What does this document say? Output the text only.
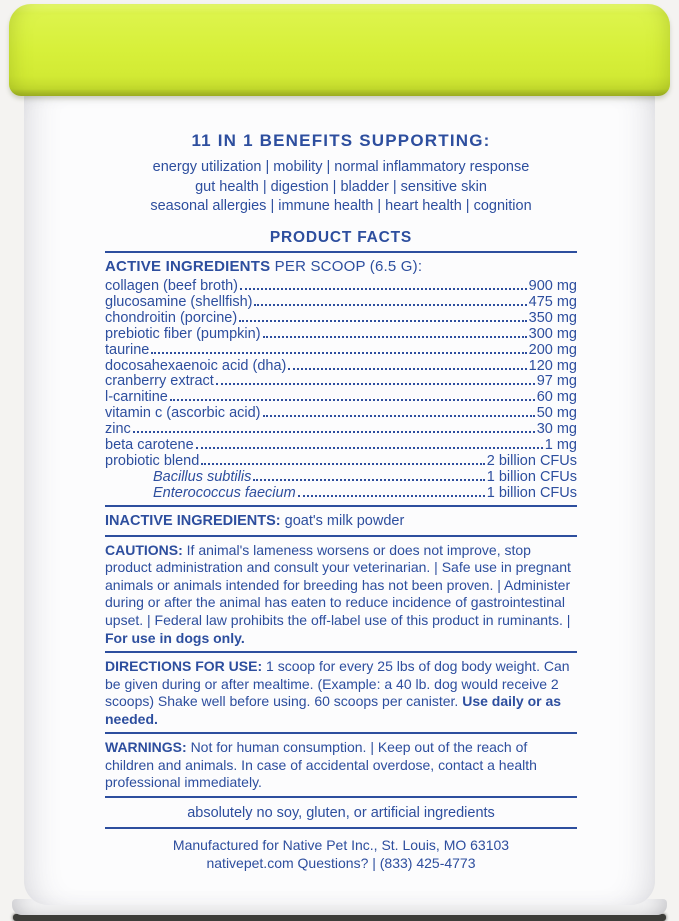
11 IN 1 BENEFITS SUPPORTING:
energy utilization | mobility | normal inflammatory response
gut health | digestion | bladder | sensitive skin
seasonal allergies | immune health | heart health | cognition
PRODUCT FACTS
ACTIVE INGREDIENTS PER SCOOP (6.5 G):
collagen (beef broth)	900 mg
glucosamine (shellfish)	475 mg
chondroitin (porcine)	350 mg
prebiotic fiber (pumpkin)	300 mg
taurine	200 mg
docosahexaenoic acid (dha)	120 mg
cranberry extract	97 mg
l-carnitine	60 mg
vitamin c (ascorbic acid)	50 mg
zinc	30 mg
beta carotene	1 mg
probiotic blend	2 billion CFUs
Bacillus subtilis	1 billion CFUs
Enterococcus faecium	1 billion CFUs
INACTIVE INGREDIENTS: goat's milk powder

CAUTIONS: If animal's lameness worsens or does not improve, stop product administration and consult your veterinarian. | Safe use in pregnant animals or animals intended for breeding has not been proven. | Administer during or after the animal has eaten to reduce incidence of gastrointestinal upset. | Federal law prohibits the off-label use of this product in ruminants. | For use in dogs only.

DIRECTIONS FOR USE: 1 scoop for every 25 lbs of dog body weight. Can be given during or after mealtime. (Example: a 40 lb. dog would receive 2 scoops) Shake well before using. 60 scoops per canister. Use daily or as needed.

WARNINGS: Not for human consumption. | Keep out of the reach of children and animals. In case of accidental overdose, contact a health professional immediately.

absolutely no soy, gluten, or artificial ingredients
Manufactured for Native Pet Inc., St. Louis, MO 63103
nativepet.com Questions? | (833) 425-4773
